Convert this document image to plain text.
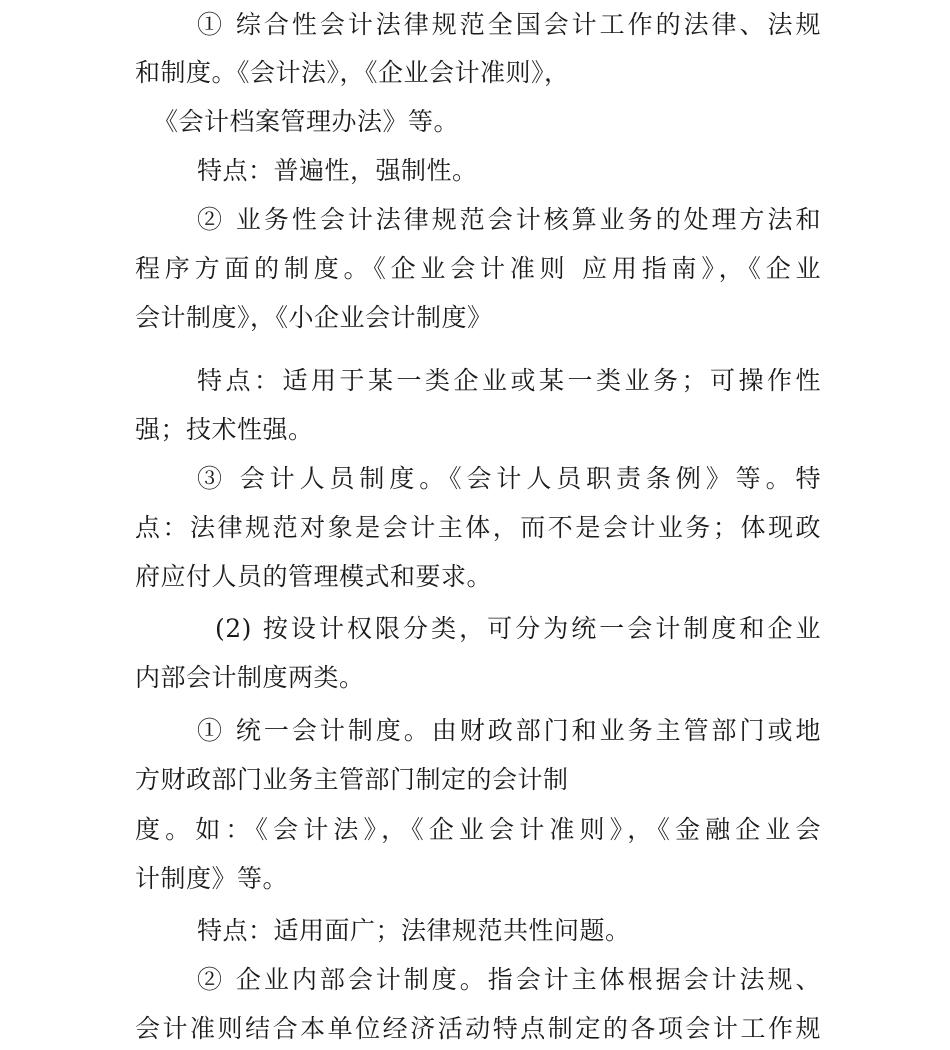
① 综合性会计法律规范全国会计工作的法律、法规
和制度。《会计法》，《企业会计准则》，
《会计档案管理办法》等。
特点：普遍性，强制性。
② 业务性会计法律规范会计核算业务的处理方法和
程序方面的制度。《企业会计准则 应用指南》，《企业
会计制度》，《小企业会计制度》
特点：适用于某一类企业或某一类业务；可操作性
强；技术性强。
③ 会计人员制度。《会计人员职责条例》等。特
点：法律规范对象是会计主体，而不是会计业务；体现政
府应付人员的管理模式和要求。
(2) 按设计权限分类，可分为统一会计制度和企业
内部会计制度两类。
① 统一会计制度。由财政部门和业务主管部门或地
方财政部门业务主管部门制定的会计制
度。如：《会计法》，《企业会计准则》，《金融企业会
计制度》等。
特点：适用面广；法律规范共性问题。
② 企业内部会计制度。指会计主体根据会计法规、
会计准则结合本单位经济活动特点制定的各项会计工作规
